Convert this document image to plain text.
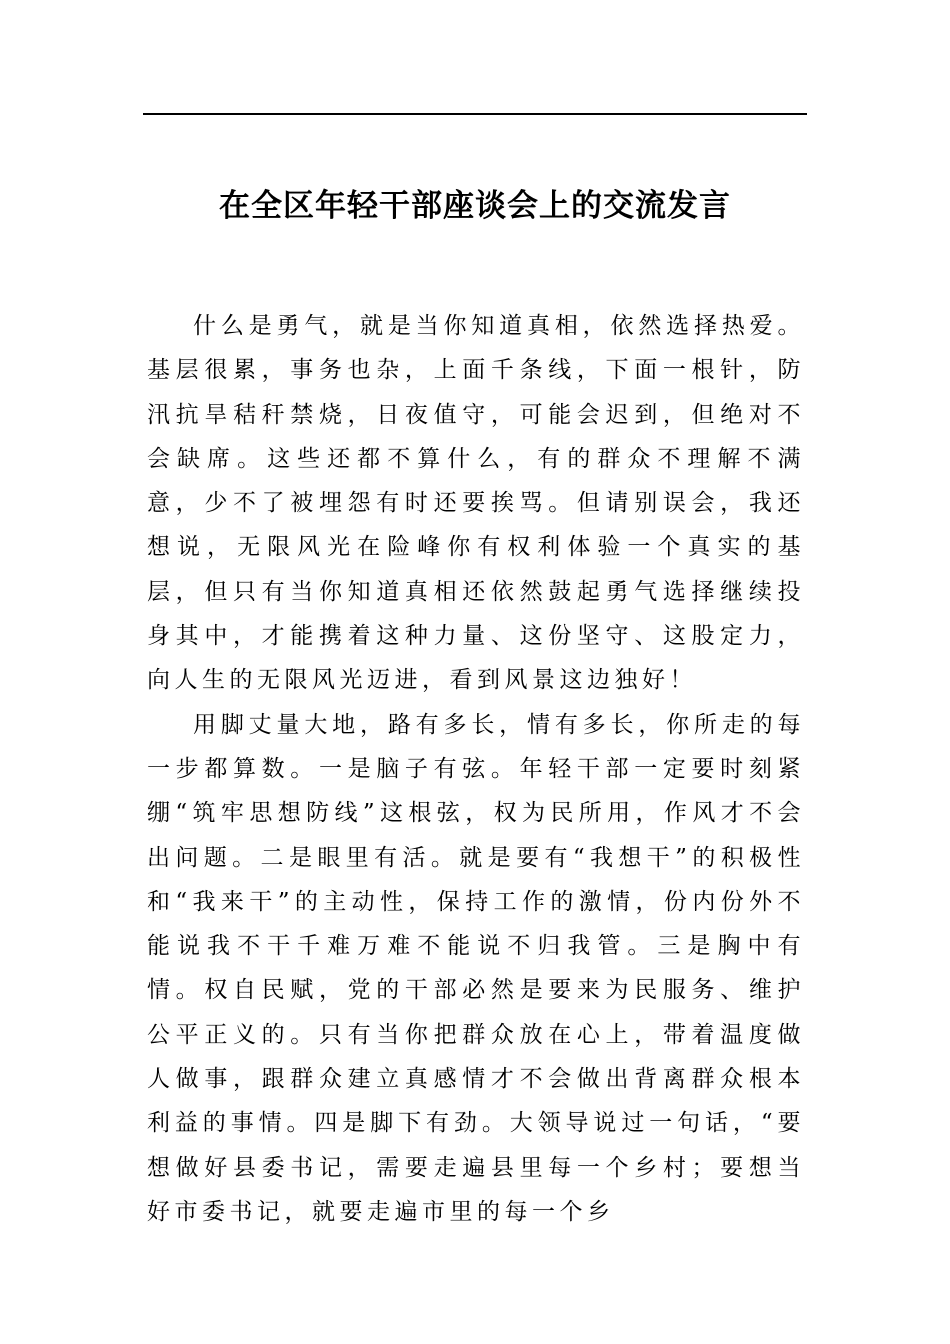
在全区年轻干部座谈会上的交流发言

什么是勇气，就是当你知道真相，依然选择热爱。基层很累，事务也杂，上面千条线，下面一根针，防汛抗旱秸秆禁烧，日夜值守，可能会迟到，但绝对不会缺席。这些还都不算什么，有的群众不理解不满意，少不了被埋怨有时还要挨骂。但请别误会，我还想说，无限风光在险峰你有权利体验一个真实的基层，但只有当你知道真相还依然鼓起勇气选择继续投身其中，才能携着这种力量、这份坚守、这股定力，向人生的无限风光迈进，看到风景这边独好！

用脚丈量大地，路有多长，情有多长，你所走的每一步都算数。一是脑子有弦。年轻干部一定要时刻紧绷“筑牢思想防线”这根弦，权为民所用，作风才不会出问题。二是眼里有活。就是要有“我想干”的积极性和“我来干”的主动性，保持工作的激情，份内份外不能说我不干千难万难不能说不归我管。三是胸中有情。权自民赋，党的干部必然是要来为民服务、维护公平正义的。只有当你把群众放在心上，带着温度做人做事，跟群众建立真感情才不会做出背离群众根本利益的事情。四是脚下有劲。大领导说过一句话，“要想做好县委书记，需要走遍县里每一个乡村；要想当好市委书记，就要走遍市里的每一个乡
